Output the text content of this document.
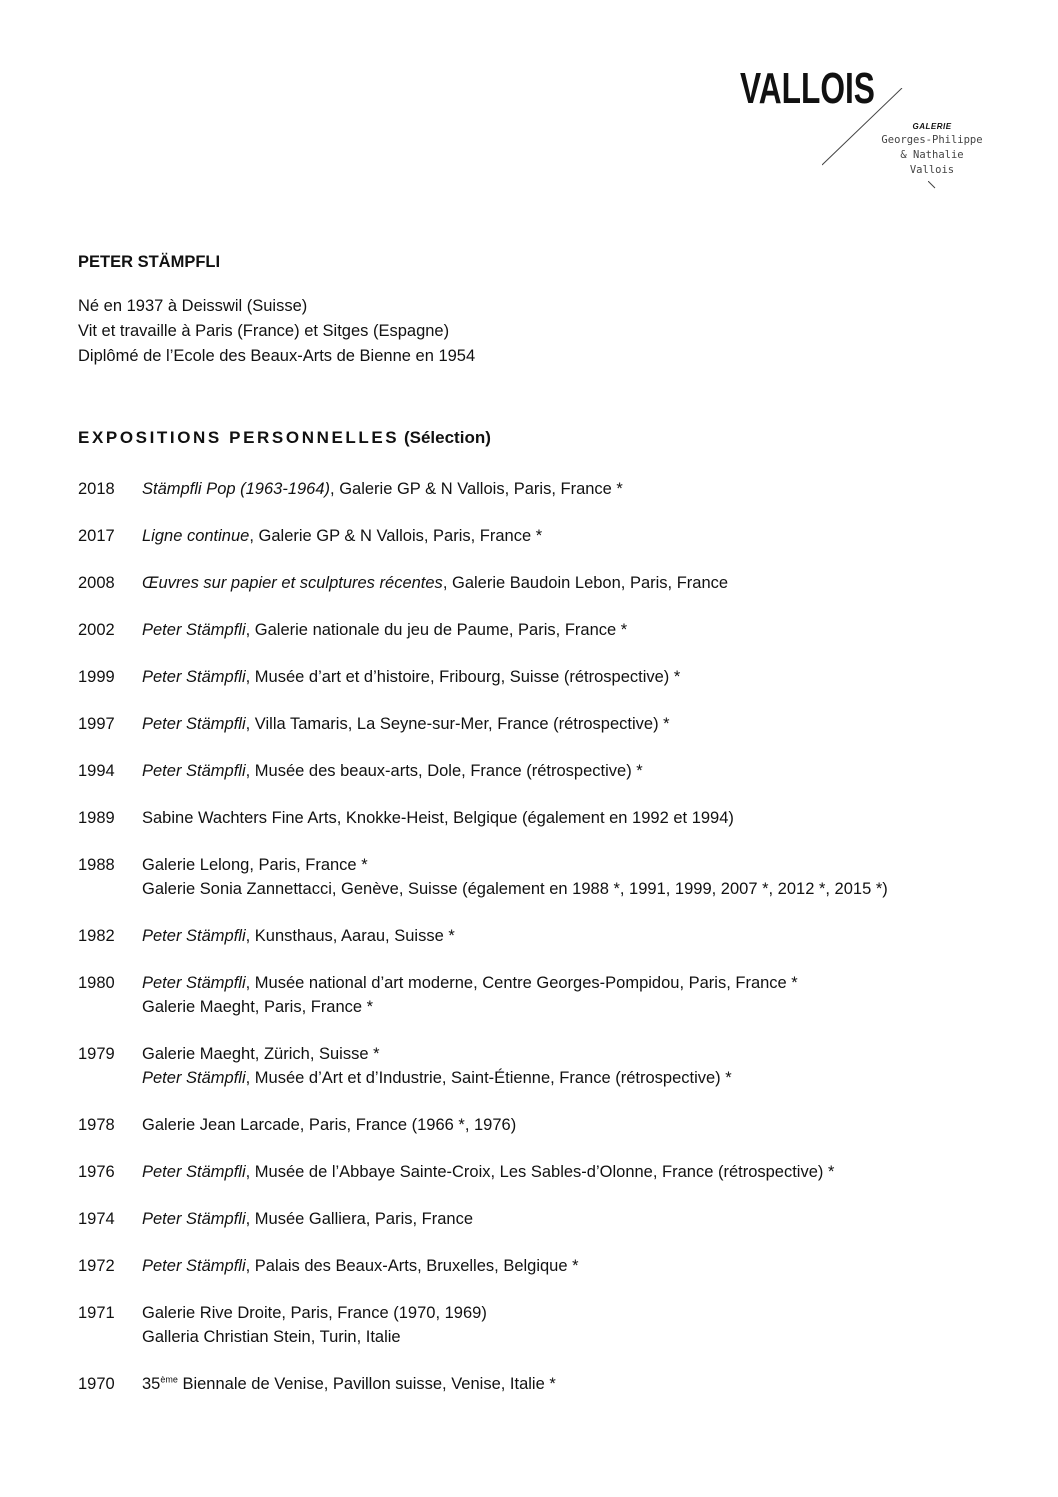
VALLOIS
GALERIE
Georges-Philippe
& Nathalie
Vallois
PETER STÄMPFLI
Né en 1937 à Deisswil (Suisse)
Vit et travaille à Paris (France) et Sitges (Espagne)
Diplômé de l’Ecole des Beaux-Arts de Bienne en 1954
EXPOSITIONS PERSONNELLES (Sélection)
2018	Stämpfli Pop (1963-1964), Galerie GP & N Vallois, Paris, France *
2017	Ligne continue, Galerie GP & N Vallois, Paris, France *
2008	Œuvres sur papier et sculptures récentes, Galerie Baudoin Lebon, Paris, France
2002	Peter Stämpfli, Galerie nationale du jeu de Paume, Paris, France *
1999	Peter Stämpfli, Musée d’art et d’histoire, Fribourg, Suisse (rétrospective) *
1997	Peter Stämpfli, Villa Tamaris, La Seyne-sur-Mer, France (rétrospective) *
1994	Peter Stämpfli, Musée des beaux-arts, Dole, France (rétrospective) *
1989	Sabine Wachters Fine Arts, Knokke-Heist, Belgique (également en 1992 et 1994)
1988	Galerie Lelong, Paris, France *
Galerie Sonia Zannettacci, Genève, Suisse (également en 1988 *, 1991, 1999, 2007 *, 2012 *, 2015 *)
1982	Peter Stämpfli, Kunsthaus, Aarau, Suisse *
1980	Peter Stämpfli, Musée national d’art moderne, Centre Georges-Pompidou, Paris, France *
Galerie Maeght, Paris, France *
1979	Galerie Maeght, Zürich, Suisse *
Peter Stämpfli, Musée d’Art et d’Industrie, Saint-Étienne, France (rétrospective) *
1978	Galerie Jean Larcade, Paris, France (1966 *, 1976)
1976	Peter Stämpfli, Musée de l’Abbaye Sainte-Croix, Les Sables-d’Olonne, France (rétrospective) *
1974	Peter Stämpfli, Musée Galliera, Paris, France
1972	Peter Stämpfli, Palais des Beaux-Arts, Bruxelles, Belgique *
1971	Galerie Rive Droite, Paris, France (1970, 1969)
Galleria Christian Stein, Turin, Italie
1970	35ème Biennale de Venise, Pavillon suisse, Venise, Italie *
